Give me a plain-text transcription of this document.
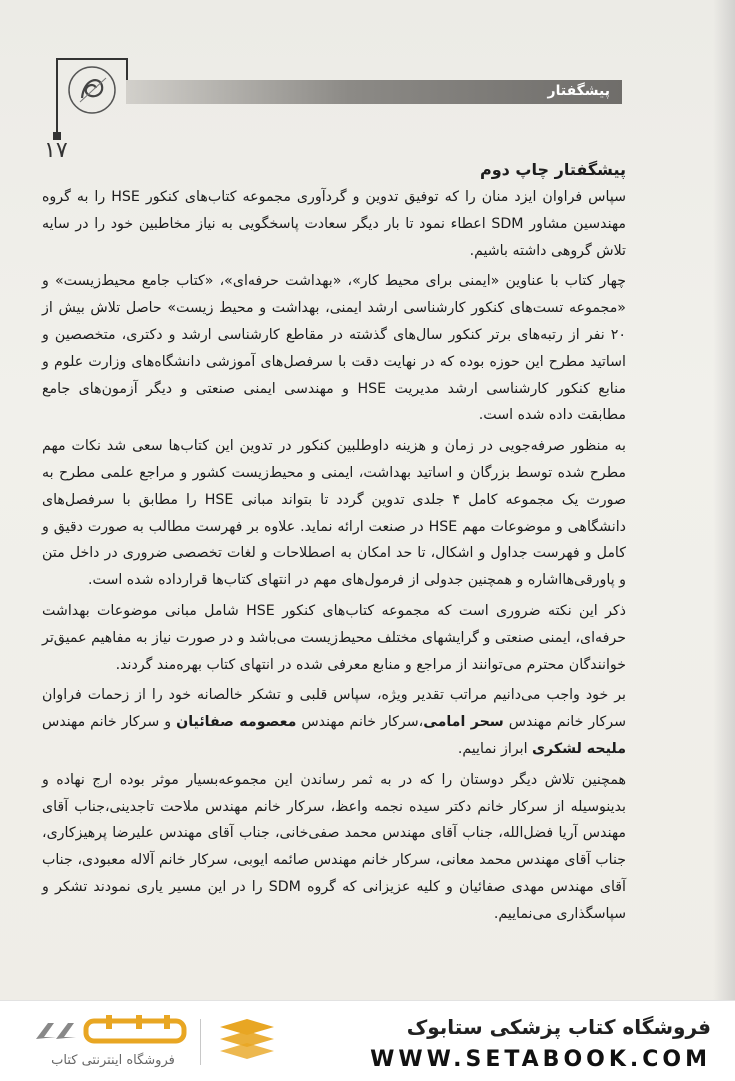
پیشگفتار
۱۷
پیشگفتار چاپ دوم

سپاس فراوان ایزد منان را که توفیق تدوین و گردآوری مجموعه کتاب‌های کنکور HSE را به گروه مهندسین مشاور SDM اعطاء نمود تا بار دیگر سعادت پاسخگویی به نیاز مخاطبین خود را در سایه تلاش گروهی داشته باشیم.

چهار کتاب با عناوین «ایمنی برای محیط کار»، «بهداشت حرفه‌ای»، «کتاب جامع محیط‌زیست» و «مجموعه تست‌های کنکور کارشناسی ارشد ایمنی، بهداشت و محیط زیست» حاصل تلاش بیش از ۲۰ نفر از رتبه‌های برتر کنکور سال‌های گذشته در مقاطع کارشناسی ارشد و دکتری، متخصصین و اساتید مطرح این حوزه بوده که در نهایت دقت با سرفصل‌های آموزشی دانشگاه‌های وزارت علوم و منابع کنکور کارشناسی ارشد مدیریت HSE و مهندسی ایمنی صنعتی و دیگر آزمون‌های جامع مطابقت داده شده است.

به منظور صرفه‌جویی در زمان و هزینه داوطلبین کنکور در تدوین این کتاب‌ها سعی شد نکات مهم مطرح شده توسط بزرگان و اساتید بهداشت، ایمنی و محیط‌زیست کشور و مراجع علمی مطرح به صورت یک مجموعه کامل ۴ جلدی تدوین گردد تا بتواند مبانی HSE را مطابق با سرفصل‌های دانشگاهی و موضوعات مهم HSE در صنعت ارائه نماید. علاوه بر فهرست مطالب به صورت دقیق و کامل و فهرست جداول و اشکال، تا حد امکان به اصطلاحات و لغات تخصصی ضروری در داخل متن و پاورقی‌هااشاره و همچنین جدولی از فرمول‌های مهم در انتهای کتاب‌ها قرارداده شده است.

ذکر این نکته ضروری است که مجموعه کتاب‌های کنکور HSE شامل مبانی موضوعات بهداشت حرفه‌ای، ایمنی صنعتی و گرایشهای مختلف محیط‌زیست می‌باشد و در صورت نیاز به مفاهیم عمیق‌تر خوانندگان محترم می‌توانند از مراجع و منابع معرفی شده در انتهای کتاب بهره‌مند گردند.

بر خود واجب می‌دانیم مراتب تقدیر ویژه، سپاس قلبی و تشکر خالصانه خود را از زحمات فراوان سرکار خانم مهندس سحر امامی،سرکار خانم مهندس معصومه صفائیان و سرکار خانم مهندس ملیحه لشکری ابراز نماییم.

همچنین تلاش دیگر دوستان را که در به ثمر رساندن این مجموعه‌بسیار موثر بوده ارج نهاده و بدینوسیله از سرکار خانم دکتر سیده نجمه واعظ، سرکار خانم مهندس ملاحت تاجدینی،جناب آقای مهندس آریا فضل‌الله، جناب آقای مهندس محمد صفی‌خانی، جناب آقای مهندس علیرضا پرهیزکاری، جناب آقای مهندس محمد معانی، سرکار خانم مهندس صائمه ایوبی، سرکار خانم آلاله معبودی، جناب آقای مهندس مهدی صفائیان و کلیه عزیزانی که گروه SDM را در این مسیر یاری نمودند تشکر و سپاسگذاری می‌نماییم.

فروشگاه اینترنتی کتاب
فروشگاه کتاب پزشکی ستابوک
WWW.SETABOOK.COM
